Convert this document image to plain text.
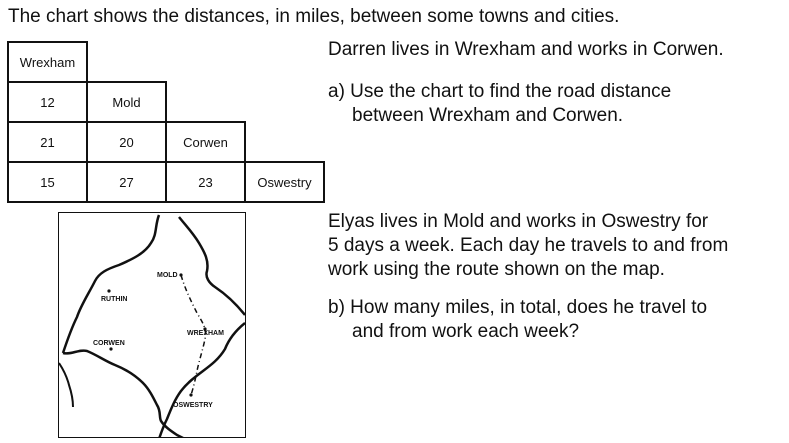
The chart shows the distances, in miles, between some towns and cities.
Wrexham			
12	Mold		
21	20	Corwen	
15	27	23	Oswestry
Darren lives in Wrexham and works in Corwen.
a) Use the chart to find the road distance
between Wrexham and Corwen.
Elyas lives in Mold and works in Oswestry for
5 days a week. Each day he travels to and from
work using the route shown on the map.
b) How many miles, in total, does he travel to
and from work each week?
MOLD
RUTHIN
WREXHAM
CORWEN
OSWESTRY
